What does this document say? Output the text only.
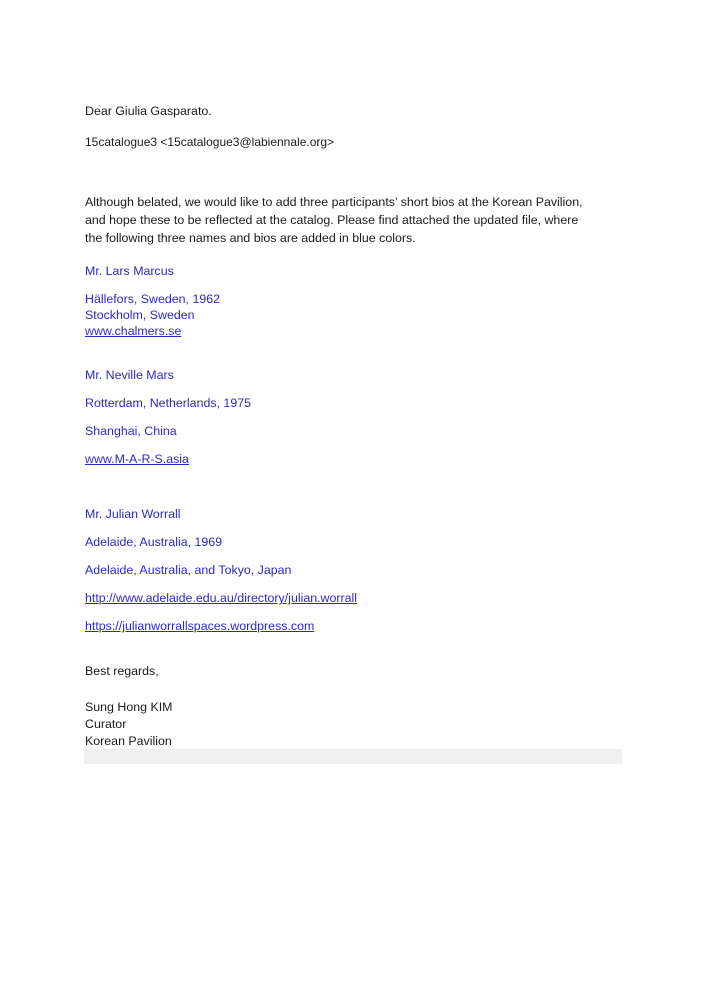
Dear Giulia Gasparato.
15catalogue3 <15catalogue3@labiennale.org>
Although belated, we would like to add three participants’ short bios at the Korean Pavilion,
and hope these to be reflected at the catalog. Please find attached the updated file, where
the following three names and bios are added in blue colors.
Mr. Lars Marcus
Hällefors, Sweden, 1962
Stockholm, Sweden
www.chalmers.se
Mr. Neville Mars
Rotterdam, Netherlands, 1975
Shanghai, China
www.M-A-R-S.asia
Mr. Julian Worrall
Adelaide, Australia, 1969
Adelaide, Australia, and Tokyo, Japan
http://www.adelaide.edu.au/directory/julian.worrall
https://julianworrallspaces.wordpress.com
Best regards,
Sung Hong KIM
Curator
Korean Pavilion
